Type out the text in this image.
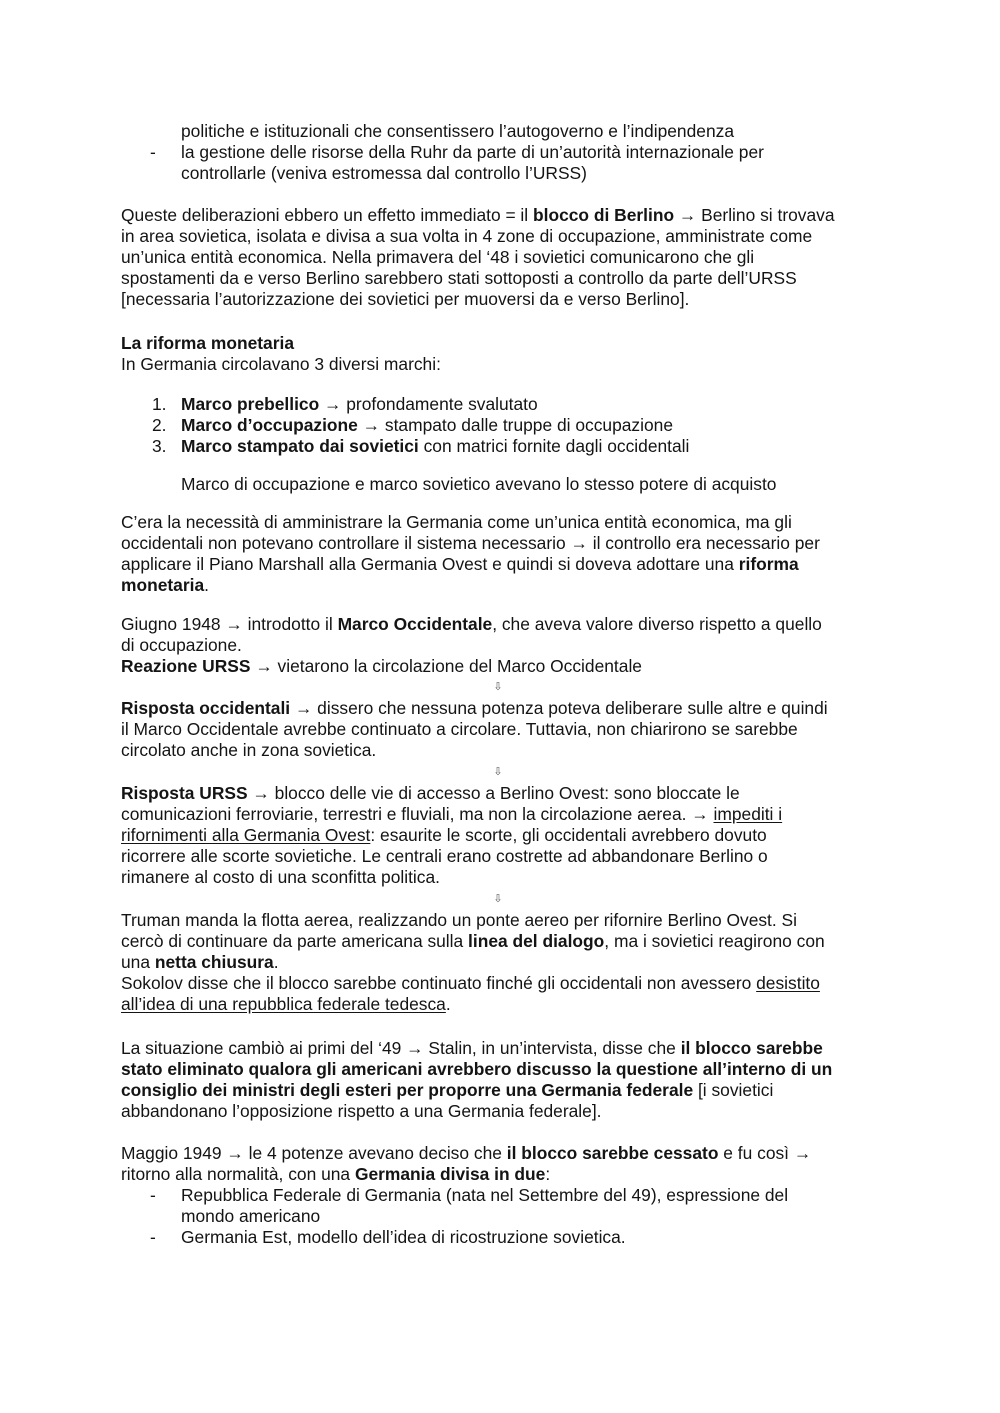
politiche e istituzionali che consentissero l’autogoverno e l’indipendenza
-	la gestione delle risorse della Ruhr da parte di un’autorità internazionale per
controllarle (veniva estromessa dal controllo l’URSS)
Queste deliberazioni ebbero un effetto immediato = il blocco di Berlino → Berlino si trovava
in area sovietica, isolata e divisa a sua volta in 4 zone di occupazione, amministrate come
un’unica entità economica. Nella primavera del ‘48 i sovietici comunicarono che gli
spostamenti da e verso Berlino sarebbero stati sottoposti a controllo da parte dell’URSS
[necessaria l’autorizzazione dei sovietici per muoversi da e verso Berlino].
La riforma monetaria
In Germania circolavano 3 diversi marchi:
1. Marco prebellico → profondamente svalutato
2. Marco d’occupazione → stampato dalle truppe di occupazione
3. Marco stampato dai sovietici con matrici fornite dagli occidentali
Marco di occupazione e marco sovietico avevano lo stesso potere di acquisto
C’era la necessità di amministrare la Germania come un’unica entità economica, ma gli
occidentali non potevano controllare il sistema necessario → il controllo era necessario per
applicare il Piano Marshall alla Germania Ovest e quindi si doveva adottare una riforma
monetaria.
Giugno 1948 → introdotto il Marco Occidentale, che aveva valore diverso rispetto a quello
di occupazione.
Reazione URSS → vietarono la circolazione del Marco Occidentale
⇩
Risposta occidentali → dissero che nessuna potenza poteva deliberare sulle altre e quindi
il Marco Occidentale avrebbe continuato a circolare. Tuttavia, non chiarirono se sarebbe
circolato anche in zona sovietica.
⇩
Risposta URSS → blocco delle vie di accesso a Berlino Ovest: sono bloccate le
comunicazioni ferroviarie, terrestri e fluviali, ma non la circolazione aerea. → impediti i
rifornimenti alla Germania Ovest: esaurite le scorte, gli occidentali avrebbero dovuto
ricorrere alle scorte sovietiche. Le centrali erano costrette ad abbandonare Berlino o
rimanere al costo di una sconfitta politica.
⇩
Truman manda la flotta aerea, realizzando un ponte aereo per rifornire Berlino Ovest. Si
cercò di continuare da parte americana sulla linea del dialogo, ma i sovietici reagirono con
una netta chiusura.
Sokolov disse che il blocco sarebbe continuato finché gli occidentali non avessero desistito
all’idea di una repubblica federale tedesca.
La situazione cambiò ai primi del ‘49 → Stalin, in un’intervista, disse che il blocco sarebbe
stato eliminato qualora gli americani avrebbero discusso la questione all’interno di un
consiglio dei ministri degli esteri per proporre una Germania federale [i sovietici
abbandonano l’opposizione rispetto a una Germania federale].
Maggio 1949 → le 4 potenze avevano deciso che il blocco sarebbe cessato e fu così →
ritorno alla normalità, con una Germania divisa in due:
-	Repubblica Federale di Germania (nata nel Settembre del 49), espressione del
mondo americano
-	Germania Est, modello dell’idea di ricostruzione sovietica.
